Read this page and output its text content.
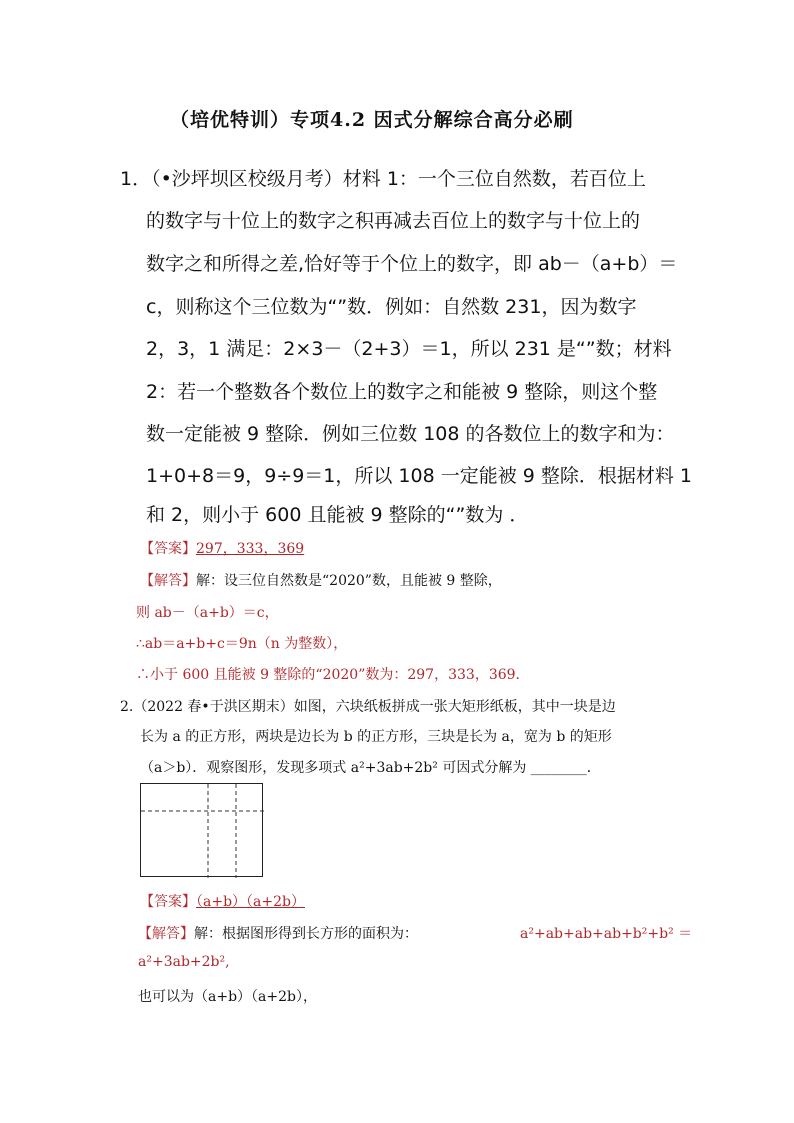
（培优特训）专项4.2 因式分解综合高分必刷
1．（•沙坪坝区校级月考）材料 1：一个三位自然数，若百位上
的数字与十位上的数字之积再减去百位上的数字与十位上的
数字之和所得之差,恰好等于个位上的数字，即 ab－（a+b）＝
c，则称这个三位数为“”数．例如：自然数 231，因为数字
2，3，1 满足：2×3－（2+3）＝1，所以 231 是“”数；材料
2：若一个整数各个数位上的数字之和能被 9 整除，则这个整
数一定能被 9 整除．例如三位数 108 的各数位上的数字和为：
1+0+8＝9，9÷9＝1，所以 108 一定能被 9 整除．根据材料 1
和 2，则小于 600 且能被 9 整除的“”数为 ．
【答案】297，333，369
【解答】解：设三位自然数是“2020”数，且能被 9 整除，
则 ab－（a+b）＝c，
∴ab＝a+b+c＝9n（n 为整数），
∴小于 600 且能被 9 整除的“2020”数为：297，333，369．
2.（2022 春•于洪区期末）如图，六块纸板拼成一张大矩形纸板，其中一块是边
长为 a 的正方形，两块是边长为 b 的正方形，三块是长为 a，宽为 b 的矩形
（a＞b）．观察图形，发现多项式 a²+3ab+2b² 可因式分解为 ________．
【答案】（a+b）（a+2b）
【解答】解：根据图形得到长方形的面积为：	a²+ab+ab+ab+b²+b² ＝
a²+3ab+2b²,
也可以为（a+b）（a+2b），
